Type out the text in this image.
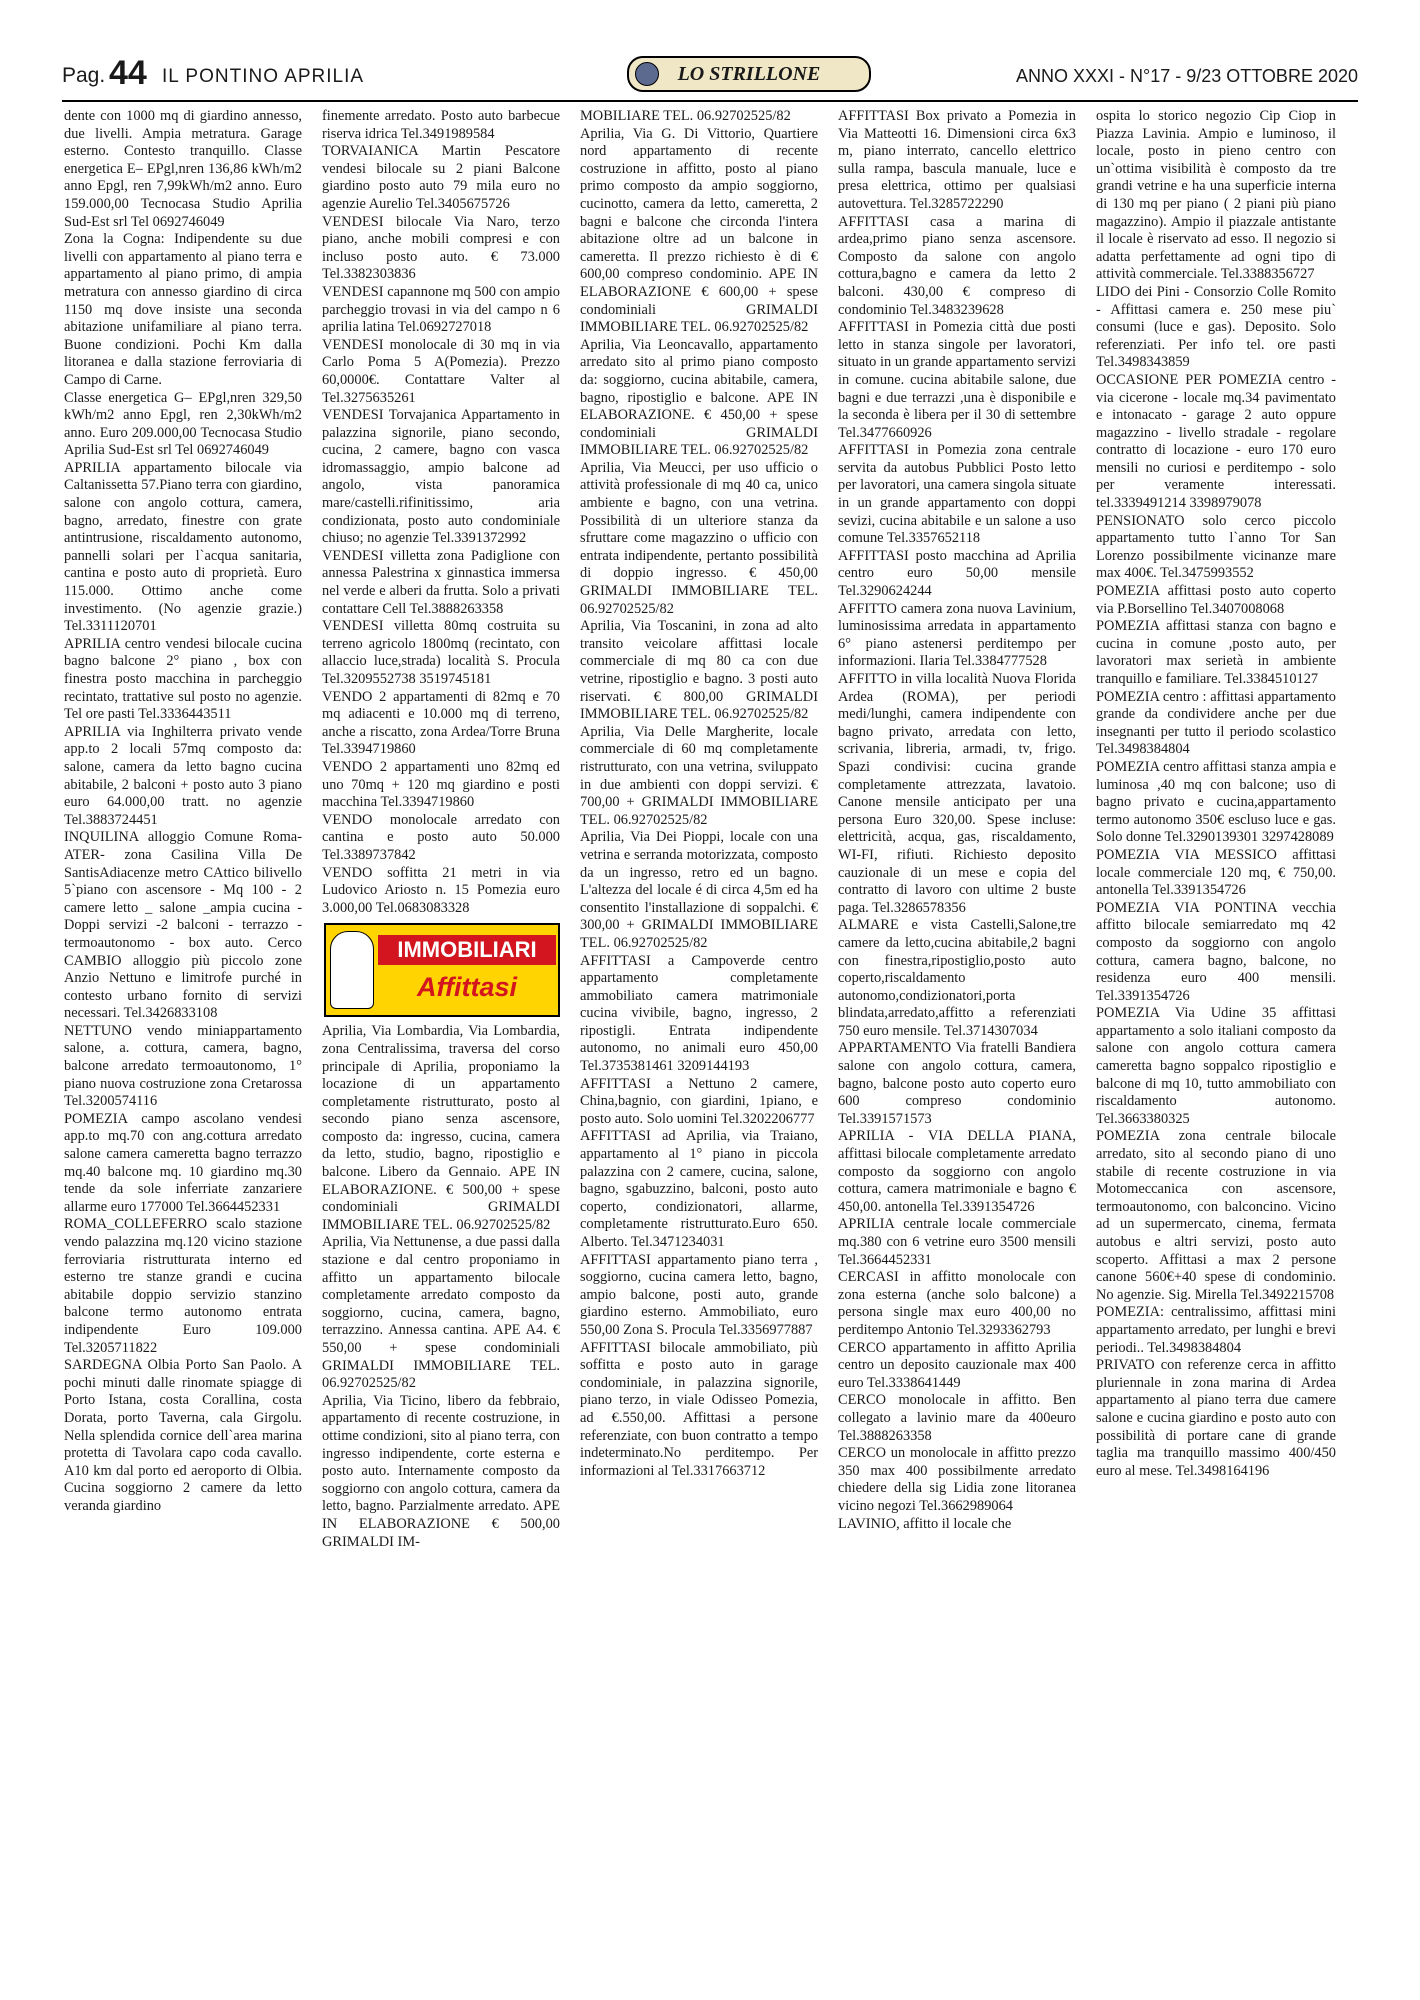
Pag. 44 IL PONTINO APRILIA	LO STRILLONE	ANNO XXXI - N°17 - 9/23 OTTOBRE 2020

dente con 1000 mq di giardino annesso, due livelli. Ampia metratura. Garage esterno. Contesto tranquillo. Classe energetica E– EPgl,nren 136,86 kWh/m2 anno Epgl, ren 7,99kWh/m2 anno. Euro 159.000,00 Tecnocasa Studio Aprilia Sud-Est srl Tel 0692746049

Zona la Cogna: Indipendente su due livelli con appartamento al piano terra e appartamento al piano primo, di ampia metratura con annesso giardino di circa 1150 mq dove insiste una seconda abitazione unifamiliare al piano terra. Buone condizioni. Pochi Km dalla litoranea e dalla stazione ferroviaria di Campo di Carne.

Classe energetica G– EPgl,nren 329,50 kWh/m2 anno Epgl, ren 2,30kWh/m2 anno. Euro 209.000,00 Tecnocasa Studio Aprilia Sud-Est srl Tel 0692746049

APRILIA appartamento bilocale via Caltanissetta 57.Piano terra con giardino, salone con angolo cottura, camera, bagno, arredato, finestre con grate antintrusione, riscaldamento autonomo, pannelli solari per l`acqua sanitaria, cantina e posto auto di proprietà. Euro 115.000. Ottimo anche come investimento. (No agenzie grazie.) Tel.3311120701

APRILIA centro vendesi bilocale cucina bagno balcone 2° piano , box con finestra posto macchina in parcheggio recintato, trattative sul posto no agenzie. Tel ore pasti Tel.3336443511

APRILIA via Inghilterra privato vende app.to 2 locali 57mq composto da: salone, camera da letto bagno cucina abitabile, 2 balconi + posto auto 3 piano euro 64.000,00 tratt. no agenzie Tel.3883724451

INQUILINA alloggio Comune Roma-ATER- zona Casilina Villa De SantisAdiacenze metro CAttico bilivello 5`piano con ascensore - Mq 100 - 2 camere letto _ salone _ampia cucina - Doppi servizi -2 balconi - terrazzo - termoautonomo - box auto. Cerco CAMBIO alloggio più piccolo zone Anzio Nettuno e limitrofe purché in contesto urbano fornito di servizi necessari. Tel.3426833108

NETTUNO vendo miniappartamento salone, a. cottura, camera, bagno, balcone arredato termoautonomo, 1° piano nuova costruzione zona Cretarossa Tel.3200574116

POMEZIA campo ascolano vendesi app.to mq.70 con ang.cottura arredato salone camera cameretta bagno terrazzo mq.40 balcone mq. 10 giardino mq.30 tende da sole inferriate zanzariere allarme euro 177000 Tel.3664452331

ROMA_COLLEFERRO scalo stazione vendo palazzina mq.120 vicino stazione ferroviaria ristrutturata interno ed esterno tre stanze grandi e cucina abitabile doppio servizio stanzino balcone termo autonomo entrata indipendente Euro 109.000 Tel.3205711822

SARDEGNA Olbia Porto San Paolo. A pochi minuti dalle rinomate spiagge di Porto Istana, costa Corallina, costa Dorata, porto Taverna, cala Girgolu. Nella splendida cornice dell`area marina protetta di Tavolara capo coda cavallo. A10 km dal porto ed aeroporto di Olbia. Cucina soggiorno 2 camere da letto veranda giardino

finemente arredato. Posto auto barbecue riserva idrica Tel.3491989584

TORVAIANICA Martin Pescatore vendesi bilocale su 2 piani Balcone giardino posto auto 79 mila euro no agenzie Aurelio Tel.3405675726

VENDESI bilocale Via Naro, terzo piano, anche mobili compresi e con incluso posto auto. € 73.000 Tel.3382303836

VENDESI capannone mq 500 con ampio parcheggio trovasi in via del campo n 6 aprilia latina Tel.0692727018

VENDESI monolocale di 30 mq in via Carlo Poma 5 A(Pomezia). Prezzo 60,0000€. Contattare Valter al Tel.3275635261

VENDESI Torvajanica Appartamento in palazzina signorile, piano secondo, cucina, 2 camere, bagno con vasca idromassaggio, ampio balcone ad angolo, vista panoramica mare/castelli.rifinitissimo, aria condizionata, posto auto condominiale chiuso; no agenzie Tel.3391372992

VENDESI villetta zona Padiglione con annessa Palestrina x ginnastica immersa nel verde e alberi da frutta. Solo a privati contattare Cell Tel.3888263358

VENDESI villetta 80mq costruita su terreno agricolo 1800mq (recintato, con allaccio luce,strada) località S. Procula Tel.3209552738 3519745181

VENDO 2 appartamenti di 82mq e 70 mq adiacenti e 10.000 mq di terreno, anche a riscatto, zona Ardea/Torre Bruna Tel.3394719860

VENDO 2 appartamenti uno 82mq ed uno 70mq + 120 mq giardino e posti macchina Tel.3394719860

VENDO monolocale arredato con cantina e posto auto 50.000 Tel.3389737842

VENDO soffitta 21 metri in via Ludovico Ariosto n. 15 Pomezia euro 3.000,00 Tel.0683083328

IMMOBILIARI
Affittasi

Aprilia, Via Lombardia, Via Lombardia, zona Centralissima, traversa del corso principale di Aprilia, proponiamo la locazione di un appartamento completamente ristrutturato, posto al secondo piano senza ascensore, composto da: ingresso, cucina, camera da letto, studio, bagno, ripostiglio e balcone. Libero da Gennaio. APE IN ELABORAZIONE. € 500,00 + spese condominiali GRIMALDI IMMOBILIARE TEL. 06.92702525/82

Aprilia, Via Nettunense, a due passi dalla stazione e dal centro proponiamo in affitto un appartamento bilocale completamente arredato composto da soggiorno, cucina, camera, bagno, terrazzino. Annessa cantina. APE A4. € 550,00 + spese condominiali GRIMALDI IMMOBILIARE TEL. 06.92702525/82

Aprilia, Via Ticino, libero da febbraio, appartamento di recente costruzione, in ottime condizioni, sito al piano terra, con ingresso indipendente, corte esterna e posto auto. Internamente composto da soggiorno con angolo cottura, camera da letto, bagno. Parzialmente arredato. APE IN ELABORAZIONE € 500,00 GRIMALDI IM-

MOBILIARE TEL. 06.92702525/82

Aprilia, Via G. Di Vittorio, Quartiere nord appartamento di recente costruzione in affitto, posto al piano primo composto da ampio soggiorno, cucinotto, camera da letto, cameretta, 2 bagni e balcone che circonda l'intera abitazione oltre ad un balcone in cameretta. Il prezzo richiesto è di € 600,00 compreso condominio. APE IN ELABORAZIONE € 600,00 + spese condominiali GRIMALDI IMMOBILIARE TEL. 06.92702525/82

Aprilia, Via Leoncavallo, appartamento arredato sito al primo piano composto da: soggiorno, cucina abitabile, camera, bagno, ripostiglio e balcone. APE IN ELABORAZIONE. € 450,00 + spese condominiali GRIMALDI IMMOBILIARE TEL. 06.92702525/82

Aprilia, Via Meucci, per uso ufficio o attività professionale di mq 40 ca, unico ambiente e bagno, con una vetrina. Possibilità di un ulteriore stanza da sfruttare come magazzino o ufficio con entrata indipendente, pertanto possibilità di doppio ingresso. € 450,00 GRIMALDI IMMOBILIARE TEL. 06.92702525/82

Aprilia, Via Toscanini, in zona ad alto transito veicolare affittasi locale commerciale di mq 80 ca con due vetrine, ripostiglio e bagno. 3 posti auto riservati. € 800,00 GRIMALDI IMMOBILIARE TEL. 06.92702525/82

Aprilia, Via Delle Margherite, locale commerciale di 60 mq completamente ristrutturato, con una vetrina, sviluppato in due ambienti con doppi servizi. € 700,00 + GRIMALDI IMMOBILIARE TEL. 06.92702525/82

Aprilia, Via Dei Pioppi, locale con una vetrina e serranda motorizzata, composto da un ingresso, retro ed un bagno. L'altezza del locale é di circa 4,5m ed ha consentito l'installazione di soppalchi. € 300,00 + GRIMALDI IMMOBILIARE TEL. 06.92702525/82

AFFITTASI a Campoverde centro appartamento completamente ammobiliato camera matrimoniale cucina vivibile, bagno, ingresso, 2 ripostigli. Entrata indipendente autonomo, no animali euro 450,00 Tel.3735381461 3209144193

AFFITTASI a Nettuno 2 camere, China,bagnio, con giardini, 1piano, e posto auto. Solo uomini Tel.3202206777

AFFITTASI ad Aprilia, via Traiano, appartamento al 1° piano in piccola palazzina con 2 camere, cucina, salone, bagno, sgabuzzino, balconi, posto auto coperto, condizionatori, allarme, completamente ristrutturato.Euro 650. Alberto. Tel.3471234031

AFFITTASI appartamento piano terra , soggiorno, cucina camera letto, bagno, ampio balcone, posti auto, grande giardino esterno. Ammobiliato, euro 550,00 Zona S. Procula Tel.3356977887

AFFITTASI bilocale ammobiliato, più soffitta e posto auto in garage condominiale, in palazzina signorile, piano terzo, in viale Odisseo Pomezia, ad €.550,00. Affittasi a persone referenziate, con buon contratto a tempo indeterminato.No perditempo. Per informazioni al Tel.3317663712

AFFITTASI Box privato a Pomezia in Via Matteotti 16. Dimensioni circa 6x3 m, piano interrato, cancello elettrico sulla rampa, bascula manuale, luce e presa elettrica, ottimo per qualsiasi autovettura. Tel.3285722290

AFFITTASI casa a marina di ardea,primo piano senza ascensore. Composto da salone con angolo cottura,bagno e camera da letto 2 balconi. 430,00 € compreso di condominio Tel.3483239628

AFFITTASI in Pomezia città due posti letto in stanza singole per lavoratori, situato in un grande appartamento servizi in comune. cucina abitabile salone, due bagni e due terrazzi ,una è disponibile e la seconda è libera per il 30 di settembre Tel.3477660926

AFFITTASI in Pomezia zona centrale servita da autobus Pubblici Posto letto per lavoratori, una camera singola situate in un grande appartamento con doppi sevizi, cucina abitabile e un salone a uso comune Tel.3357652118

AFFITTASI posto macchina ad Aprilia centro euro 50,00 mensile Tel.3290624244

AFFITTO camera zona nuova Lavinium, luminosissima arredata in appartamento 6° piano astenersi perditempo per informazioni. Ilaria Tel.3384777528

AFFITTO in villa località Nuova Florida Ardea (ROMA), per periodi medi/lunghi, camera indipendente con bagno privato, arredata con letto, scrivania, libreria, armadi, tv, frigo. Spazi condivisi: cucina grande completamente attrezzata, lavatoio. Canone mensile anticipato per una persona Euro 320,00. Spese incluse: elettricità, acqua, gas, riscaldamento, WI-FI, rifiuti. Richiesto deposito cauzionale di un mese e copia del contratto di lavoro con ultime 2 buste paga. Tel.3286578356

ALMARE e vista Castelli,Salone,tre camere da letto,cucina abitabile,2 bagni con finestra,ripostiglio,posto auto coperto,riscaldamento autonomo,condizionatori,porta blindata,arredato,affitto a referenziati 750 euro mensile. Tel.3714307034

APPARTAMENTO Via fratelli Bandiera salone con angolo cottura, camera, bagno, balcone posto auto coperto euro 600 compreso condominio Tel.3391571573

APRILIA - VIA DELLA PIANA, affittasi bilocale completamente arredato composto da soggiorno con angolo cottura, camera matrimoniale e bagno € 450,00. antonella Tel.3391354726

APRILIA centrale locale commerciale mq.380 con 6 vetrine euro 3500 mensili Tel.3664452331

CERCASI in affitto monolocale con zona esterna (anche solo balcone) a persona single max euro 400,00 no perditempo Antonio Tel.3293362793

CERCO appartamento in affitto Aprilia centro un deposito cauzionale max 400 euro Tel.3338641449

CERCO monolocale in affitto. Ben collegato a lavinio mare da 400euro Tel.3888263358

CERCO un monolocale in affitto prezzo 350 max 400 possibilmente arredato chiedere della sig Lidia zone litoranea vicino negozi Tel.3662989064

LAVINIO, affitto il locale che

ospita lo storico negozio Cip Ciop in Piazza Lavinia. Ampio e luminoso, il locale, posto in pieno centro con un`ottima visibilità è composto da tre grandi vetrine e ha una superficie interna di 130 mq per piano ( 2 piani più piano magazzino). Ampio il piazzale antistante il locale è riservato ad esso. Il negozio si adatta perfettamente ad ogni tipo di attività commerciale. Tel.3388356727

LIDO dei Pini - Consorzio Colle Romito - Affittasi camera e. 250 mese piu` consumi (luce e gas). Deposito. Solo referenziati. Per info tel. ore pasti Tel.3498343859

OCCASIONE PER POMEZIA centro - via cicerone - locale mq.34 pavimentato e intonacato - garage 2 auto oppure magazzino - livello stradale - regolare contratto di locazione - euro 170 euro mensili no curiosi e perditempo - solo per veramente interessati. tel.3339491214 3398979078

PENSIONATO solo cerco piccolo appartamento tutto l`anno Tor San Lorenzo possibilmente vicinanze mare max 400€. Tel.3475993552

POMEZIA affittasi posto auto coperto via P.Borsellino Tel.3407008068

POMEZIA affittasi stanza con bagno e cucina in comune ,posto auto, per lavoratori max serietà in ambiente tranquillo e familiare. Tel.3384510127

POMEZIA centro : affittasi appartamento grande da condividere anche per due insegnanti per tutto il periodo scolastico Tel.3498384804

POMEZIA centro affittasi stanza ampia e luminosa ,40 mq con balcone; uso di bagno privato e cucina,appartamento termo autonomo 350€ escluso luce e gas. Solo donne Tel.3290139301 3297428089

POMEZIA VIA MESSICO affittasi locale commerciale 120 mq, € 750,00. antonella Tel.3391354726

POMEZIA VIA PONTINA vecchia affitto bilocale semiarredato mq 42 composto da soggiorno con angolo cottura, camera bagno, balcone, no residenza euro 400 mensili. Tel.3391354726

POMEZIA Via Udine 35 affittasi appartamento a solo italiani composto da salone con angolo cottura camera cameretta bagno soppalco ripostiglio e balcone di mq 10, tutto ammobiliato con riscaldamento autonomo. Tel.3663380325

POMEZIA zona centrale bilocale arredato, sito al secondo piano di uno stabile di recente costruzione in via Motomeccanica con ascensore, termoautonomo, con balconcino. Vicino ad un supermercato, cinema, fermata autobus e altri servizi, posto auto scoperto. Affittasi a max 2 persone canone 560€+40 spese di condominio. No agenzie. Sig. Mirella Tel.3492215708

POMEZIA: centralissimo, affittasi mini appartamento arredato, per lunghi e brevi periodi.. Tel.3498384804

PRIVATO con referenze cerca in affitto pluriennale in zona marina di Ardea appartamento al piano terra due camere salone e cucina giardino e posto auto con possibilità di portare cane di grande taglia ma tranquillo massimo 400/450 euro al mese. Tel.3498164196
